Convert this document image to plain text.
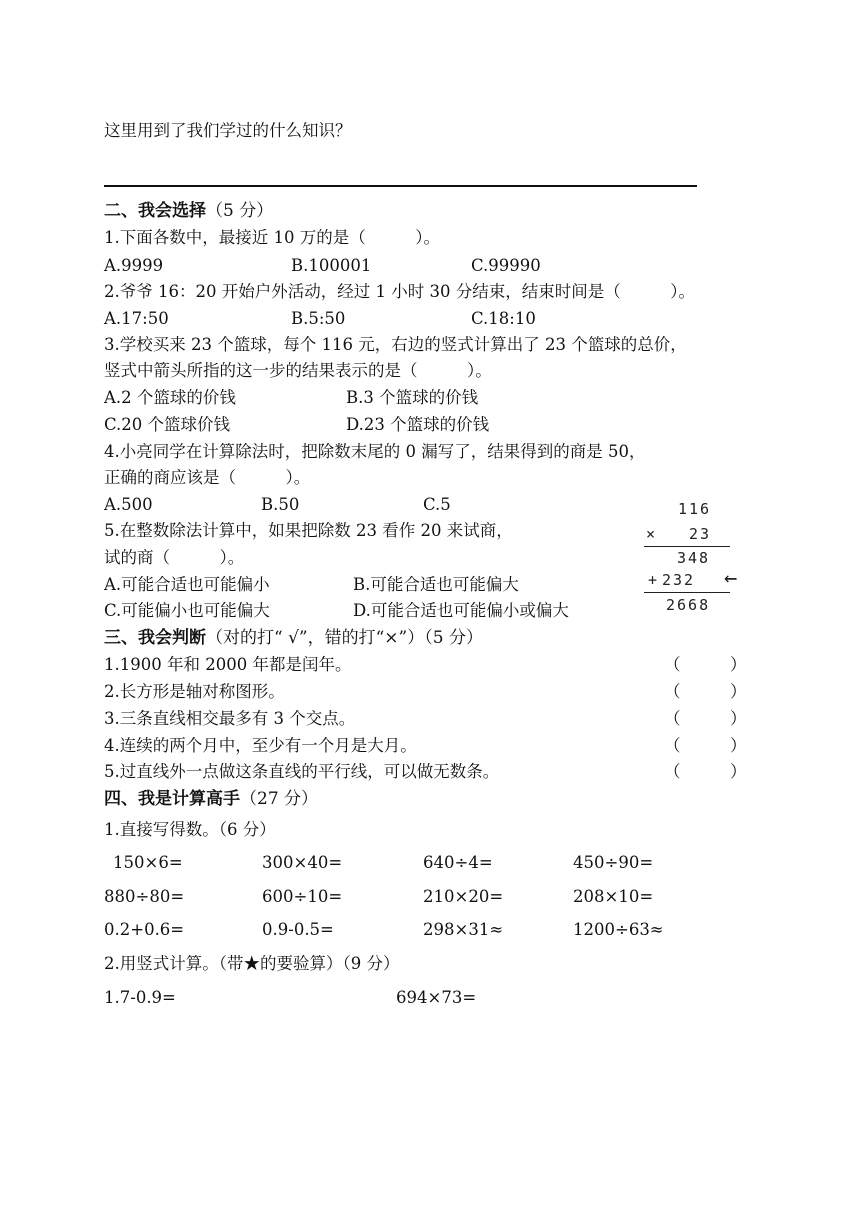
这里用到了我们学过的什么知识？
二、我会选择（5 分）
1.下面各数中，最接近 10 万的是（　　　）。
A.9999	B.100001	C.99990
2.爷爷 16：20 开始户外活动，经过 1 小时 30 分结束，结束时间是（　　　）。
A.17:50	B.5:50	C.18:10
3.学校买来 23 个篮球，每个 116 元，右边的竖式计算出了 23 个篮球的总价，
竖式中箭头所指的这一步的结果表示的是（　　　）。
A.2 个篮球的价钱	B.3 个篮球的价钱
C.20 个篮球价钱	D.23 个篮球的价钱
4.小亮同学在计算除法时，把除数末尾的 0 漏写了，结果得到的商是 50，
正确的商应该是（　　　）。
A.500	B.50	C.5
5.在整数除法计算中，如果把除数 23 看作 20 来试商，
试的商（　　　）。
A.可能合适也可能偏小	B.可能合适也可能偏大
C.可能偏小也可能偏大	D.可能合适也可能偏小或偏大
116
× 23
348
+ 232 ←
2668
三、我会判断（对的打“ √”，错的打“×”）（5 分）
1.1900 年和 2000 年都是闰年。	（　　　）
2.长方形是轴对称图形。	（　　　）
3.三条直线相交最多有 3 个交点。	（　　　）
4.连续的两个月中，至少有一个月是大月。	（　　　）
5.过直线外一点做这条直线的平行线，可以做无数条。	（　　　）
四、我是计算高手（27 分）
1.直接写得数。（6 分）
150×6=	300×40=	640÷4=	450÷90=
880÷80=	600÷10=	210×20=	208×10=
0.2+0.6=	0.9-0.5=	298×31≈	1200÷63≈
2.用竖式计算。（带★的要验算）（9 分）
1.7-0.9=	694×73=
